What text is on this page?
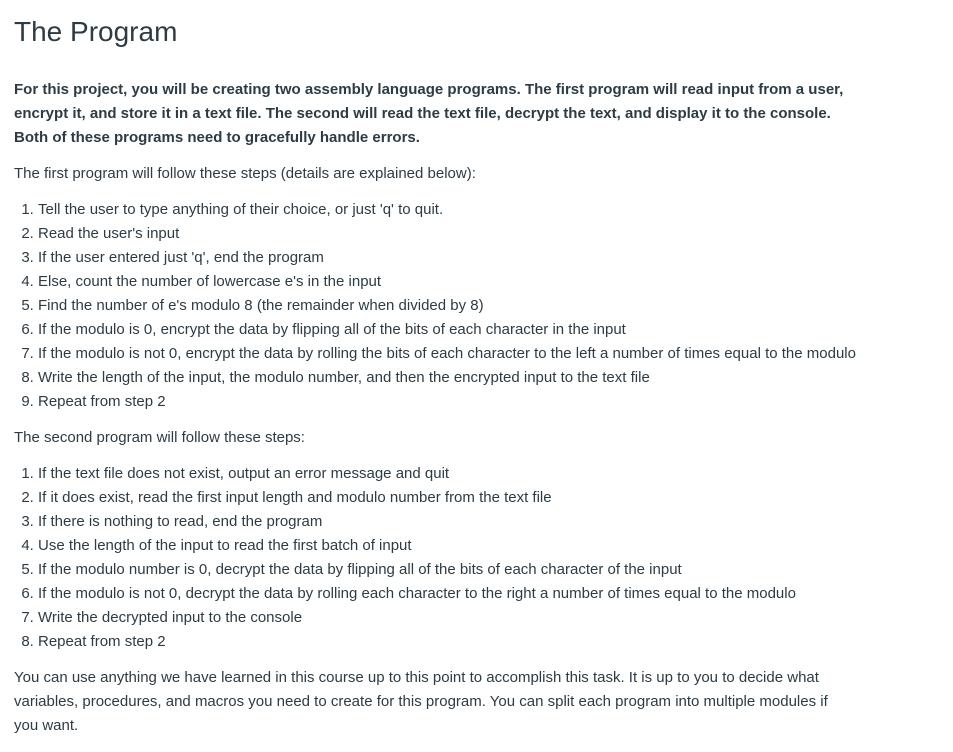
The Program

For this project, you will be creating two assembly language programs. The first program will read input from a user, encrypt it, and store it in a text file. The second will read the text file, decrypt the text, and display it to the console. Both of these programs need to gracefully handle errors.

The first program will follow these steps (details are explained below):

1. Tell the user to type anything of their choice, or just 'q' to quit.
2. Read the user's input
3. If the user entered just 'q', end the program
4. Else, count the number of lowercase e's in the input
5. Find the number of e's modulo 8 (the remainder when divided by 8)
6. If the modulo is 0, encrypt the data by flipping all of the bits of each character in the input
7. If the modulo is not 0, encrypt the data by rolling the bits of each character to the left a number of times equal to the modulo
8. Write the length of the input, the modulo number, and then the encrypted input to the text file
9. Repeat from step 2

The second program will follow these steps:

1. If the text file does not exist, output an error message and quit
2. If it does exist, read the first input length and modulo number from the text file
3. If there is nothing to read, end the program
4. Use the length of the input to read the first batch of input
5. If the modulo number is 0, decrypt the data by flipping all of the bits of each character of the input
6. If the modulo is not 0, decrypt the data by rolling each character to the right a number of times equal to the modulo
7. Write the decrypted input to the console
8. Repeat from step 2

You can use anything we have learned in this course up to this point to accomplish this task. It is up to you to decide what variables, procedures, and macros you need to create for this program. You can split each program into multiple modules if you want.
